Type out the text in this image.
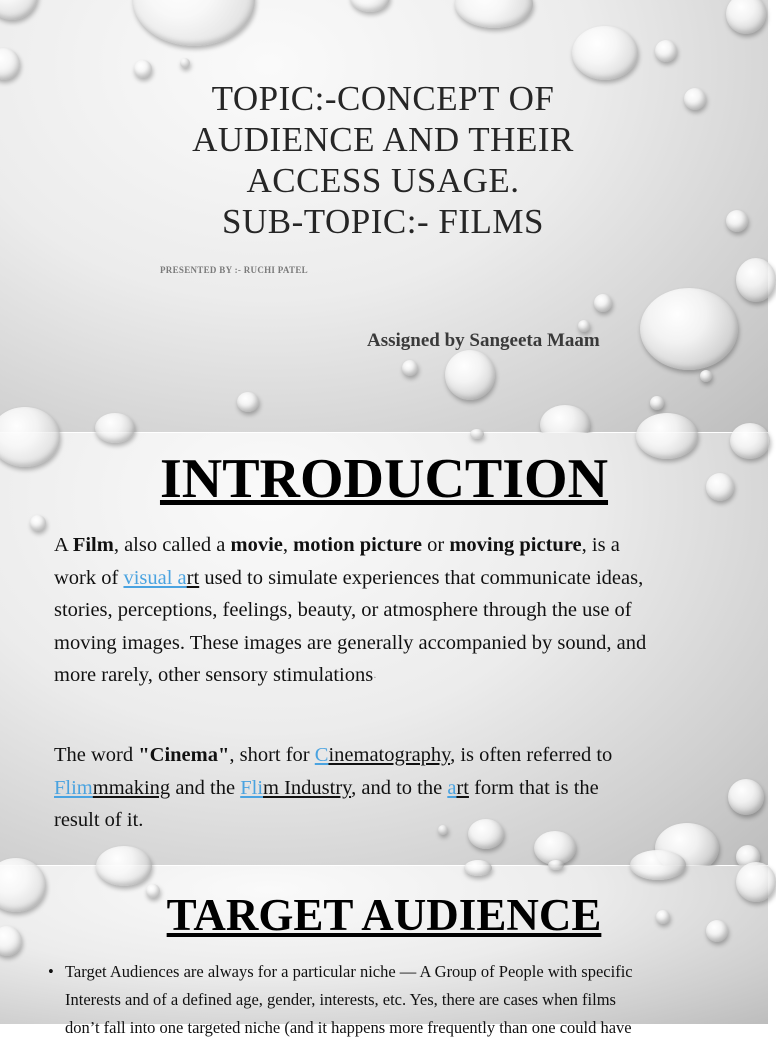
TOPIC:-CONCEPT OF
AUDIENCE AND THEIR
ACCESS USAGE.
SUB-TOPIC:- FILMS
PRESENTED BY :- RUCHI PATEL
Assigned by Sangeeta Maam
INTRODUCTION
A Film, also called a movie, motion picture or moving picture, is a
work of visual art used to simulate experiences that communicate ideas,
stories, perceptions, feelings, beauty, or atmosphere through the use of
moving images. These images are generally accompanied by sound, and
more rarely, other sensory stimulations·
The word "Cinema", short for Cinematography, is often referred to
Flimmmaking and the Flim Industry, and to the art form that is the
result of it.
TARGET AUDIENCE
• Target Audiences are always for a particular niche — A Group of People with specific
Interests and of a defined age, gender, interests, etc. Yes, there are cases when films
don’t fall into one targeted niche (and it happens more frequently than one could have
